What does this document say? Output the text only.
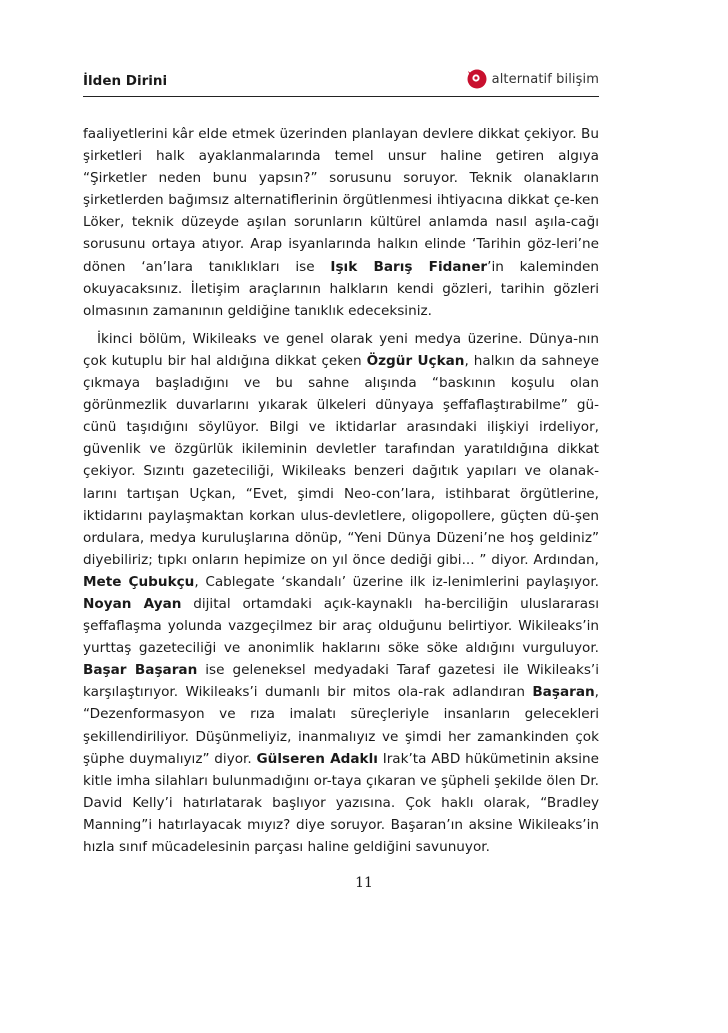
İlden Dirini	alternatif bilişim

faaliyetlerini kâr elde etmek üzerinden planlayan devlere dikkat çekiyor. Bu şirketleri halk ayaklanmalarında temel unsur haline getiren algıya “Şirketler neden bunu yapsın?” sorusunu soruyor. Teknik olanakların şirketlerden bağımsız alternatiflerinin örgütlenmesi ihtiyacına dikkat çe-ken Löker, teknik düzeyde aşılan sorunların kültürel anlamda nasıl aşıla-cağı sorusunu ortaya atıyor. Arap isyanlarında halkın elinde ‘Tarihin göz-leri’ne dönen ‘an’lara tanıklıkları ise Işık Barış Fidaner’in kaleminden okuyacaksınız. İletişim araçlarının halkların kendi gözleri, tarihin gözleri olmasının zamanının geldiğine tanıklık edeceksiniz.

İkinci bölüm, Wikileaks ve genel olarak yeni medya üzerine. Dünya-nın çok kutuplu bir hal aldığına dikkat çeken Özgür Uçkan, halkın da sahneye çıkmaya başladığını ve bu sahne alışında “baskının koşulu olan görünmezlik duvarlarını yıkarak ülkeleri dünyaya şeffaflaştırabilme” gü-cünü taşıdığını söylüyor. Bilgi ve iktidarlar arasındaki ilişkiyi irdeliyor, güvenlik ve özgürlük ikileminin devletler tarafından yaratıldığına dikkat çekiyor. Sızıntı gazeteciliği, Wikileaks benzeri dağıtık yapıları ve olanak-larını tartışan Uçkan, “Evet, şimdi Neo-con’lara, istihbarat örgütlerine, iktidarını paylaşmaktan korkan ulus-devletlere, oligopollere, güçten dü-şen ordulara, medya kuruluşlarına dönüp, “Yeni Dünya Düzeni’ne hoş geldiniz” diyebiliriz; tıpkı onların hepimize on yıl önce dediği gibi... ” diyor. Ardından, Mete Çubukçu, Cablegate ‘skandalı’ üzerine ilk iz-lenimlerini paylaşıyor. Noyan Ayan dijital ortamdaki açık-kaynaklı ha-berciliğin uluslararası şeffaflaşma yolunda vazgeçilmez bir araç olduğunu belirtiyor. Wikileaks’in yurttaş gazeteciliği ve anonimlik haklarını söke söke aldığını vurguluyor. Başar Başaran ise geleneksel medyadaki Taraf gazetesi ile Wikileaks’i karşılaştırıyor. Wikileaks’i dumanlı bir mitos ola-rak adlandıran Başaran, “Dezenformasyon ve rıza imalatı süreçleriyle insanların gelecekleri şekillendiriliyor. Düşünmeliyiz, inanmalıyız ve şimdi her zamankinden çok şüphe duymalıyız” diyor. Gülseren Adaklı Irak’ta ABD hükümetinin aksine kitle imha silahları bulunmadığını or-taya çıkaran ve şüpheli şekilde ölen Dr. David Kelly’i hatırlatarak başlıyor yazısına. Çok haklı olarak, “Bradley Manning”i hatırlayacak mıyız? diye soruyor. Başaran’ın aksine Wikileaks’in hızla sınıf mücadelesinin parçası haline geldiğini savunuyor.

11
